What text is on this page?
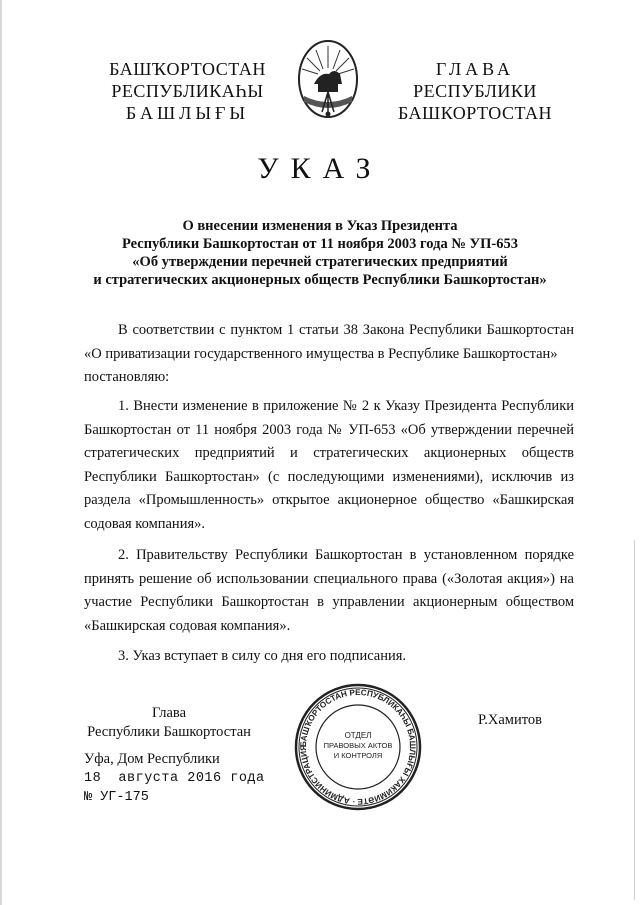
БАШҠОРТОСТАН
РЕСПУБЛИКАҺЫ
БАШЛЫҒЫ
ГЛАВА
РЕСПУБЛИКИ
БАШКОРТОСТАН
УКАЗ
О внесении изменения в Указ Президента
Республики Башкортостан от 11 ноября 2003 года № УП-653
«Об утверждении перечней стратегических предприятий
и стратегических акционерных обществ Республики Башкортостан»

В соответствии с пунктом 1 статьи 38 Закона Республики Башкортостан «О приватизации государственного имущества в Республике Башкортостан»

постановляю:

1. Внести изменение в приложение № 2 к Указу Президента Республики Башкортостан от 11 ноября 2003 года № УП-653 «Об утверждении перечней стратегических предприятий и стратегических акционерных обществ Республики Башкортостан» (с последующими изменениями), исключив из раздела «Промышленность» открытое акционерное общество «Башкирская содовая компания».

2. Правительству Республики Башкортостан в установленном порядке принять решение об использовании специального права («Золотая акция») на участие Республики Башкортостан в управлении акционерным обществом «Башкирская содовая компания».

3. Указ вступает в силу со дня его подписания.

Глава
Республики Башкортостан
Уфа, Дом Республики
18  августа 2016 года
№ УГ-175
БАШҠОРТОСТАН РЕСПУБЛИКАҺЫ БАШЛЫҒЫ ХАКИМИӘТЕ · АДМИНИСТРАЦИЯ
ОТДЕЛ
ПРАВОВЫХ АКТОВ
И КОНТРОЛЯ
Р.Хамитов
